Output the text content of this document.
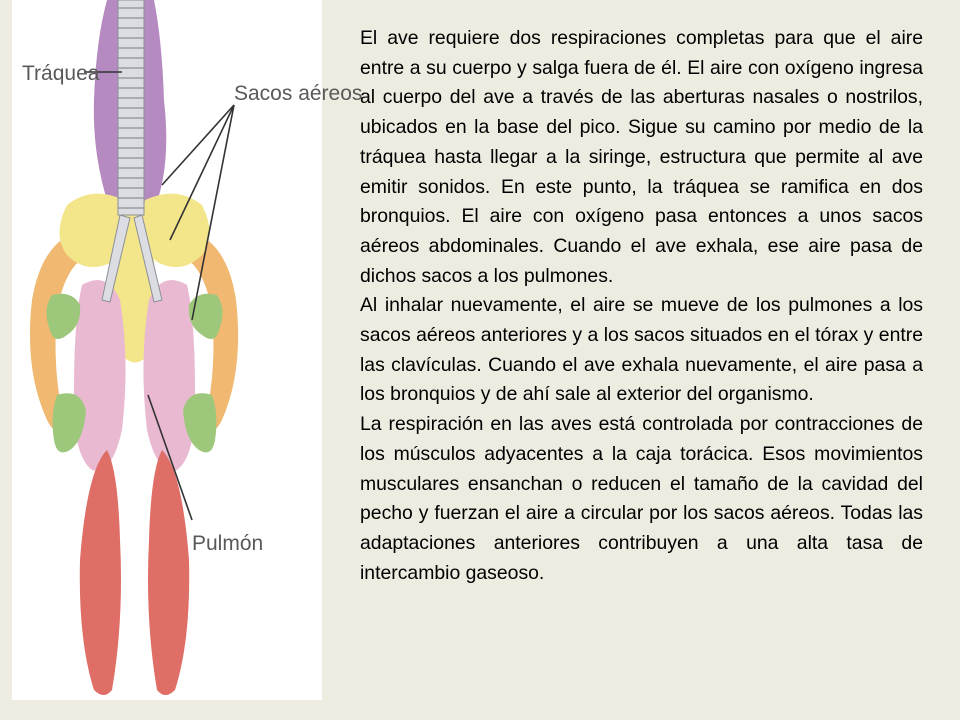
Tráquea
Sacos aéreos
Pulmón

El ave requiere dos respiraciones completas para que el aire entre a su cuerpo y salga fuera de él. El aire con oxígeno ingresa al cuerpo del ave a través de las aberturas nasales o nostrilos, ubicados en la base del pico. Sigue su camino por medio de la tráquea hasta llegar a la siringe, estructura que permite al ave emitir sonidos. En este punto, la tráquea se ramifica en dos bronquios. El aire con oxígeno pasa entonces a unos sacos aéreos abdominales. Cuando el ave exhala, ese aire pasa de dichos sacos a los pulmones.

Al inhalar nuevamente, el aire se mueve de los pulmones a los sacos aéreos anteriores y a los sacos situados en el tórax y entre las clavículas. Cuando el ave exhala nuevamente, el aire pasa a los bronquios y de ahí sale al exterior del organismo.

La respiración en las aves está controlada por contracciones de los músculos adyacentes a la caja torácica. Esos movimientos musculares ensanchan o reducen el tamaño de la cavidad del pecho y fuerzan el aire a circular por los sacos aéreos. Todas las adaptaciones anteriores contribuyen a una alta tasa de intercambio gaseoso.
